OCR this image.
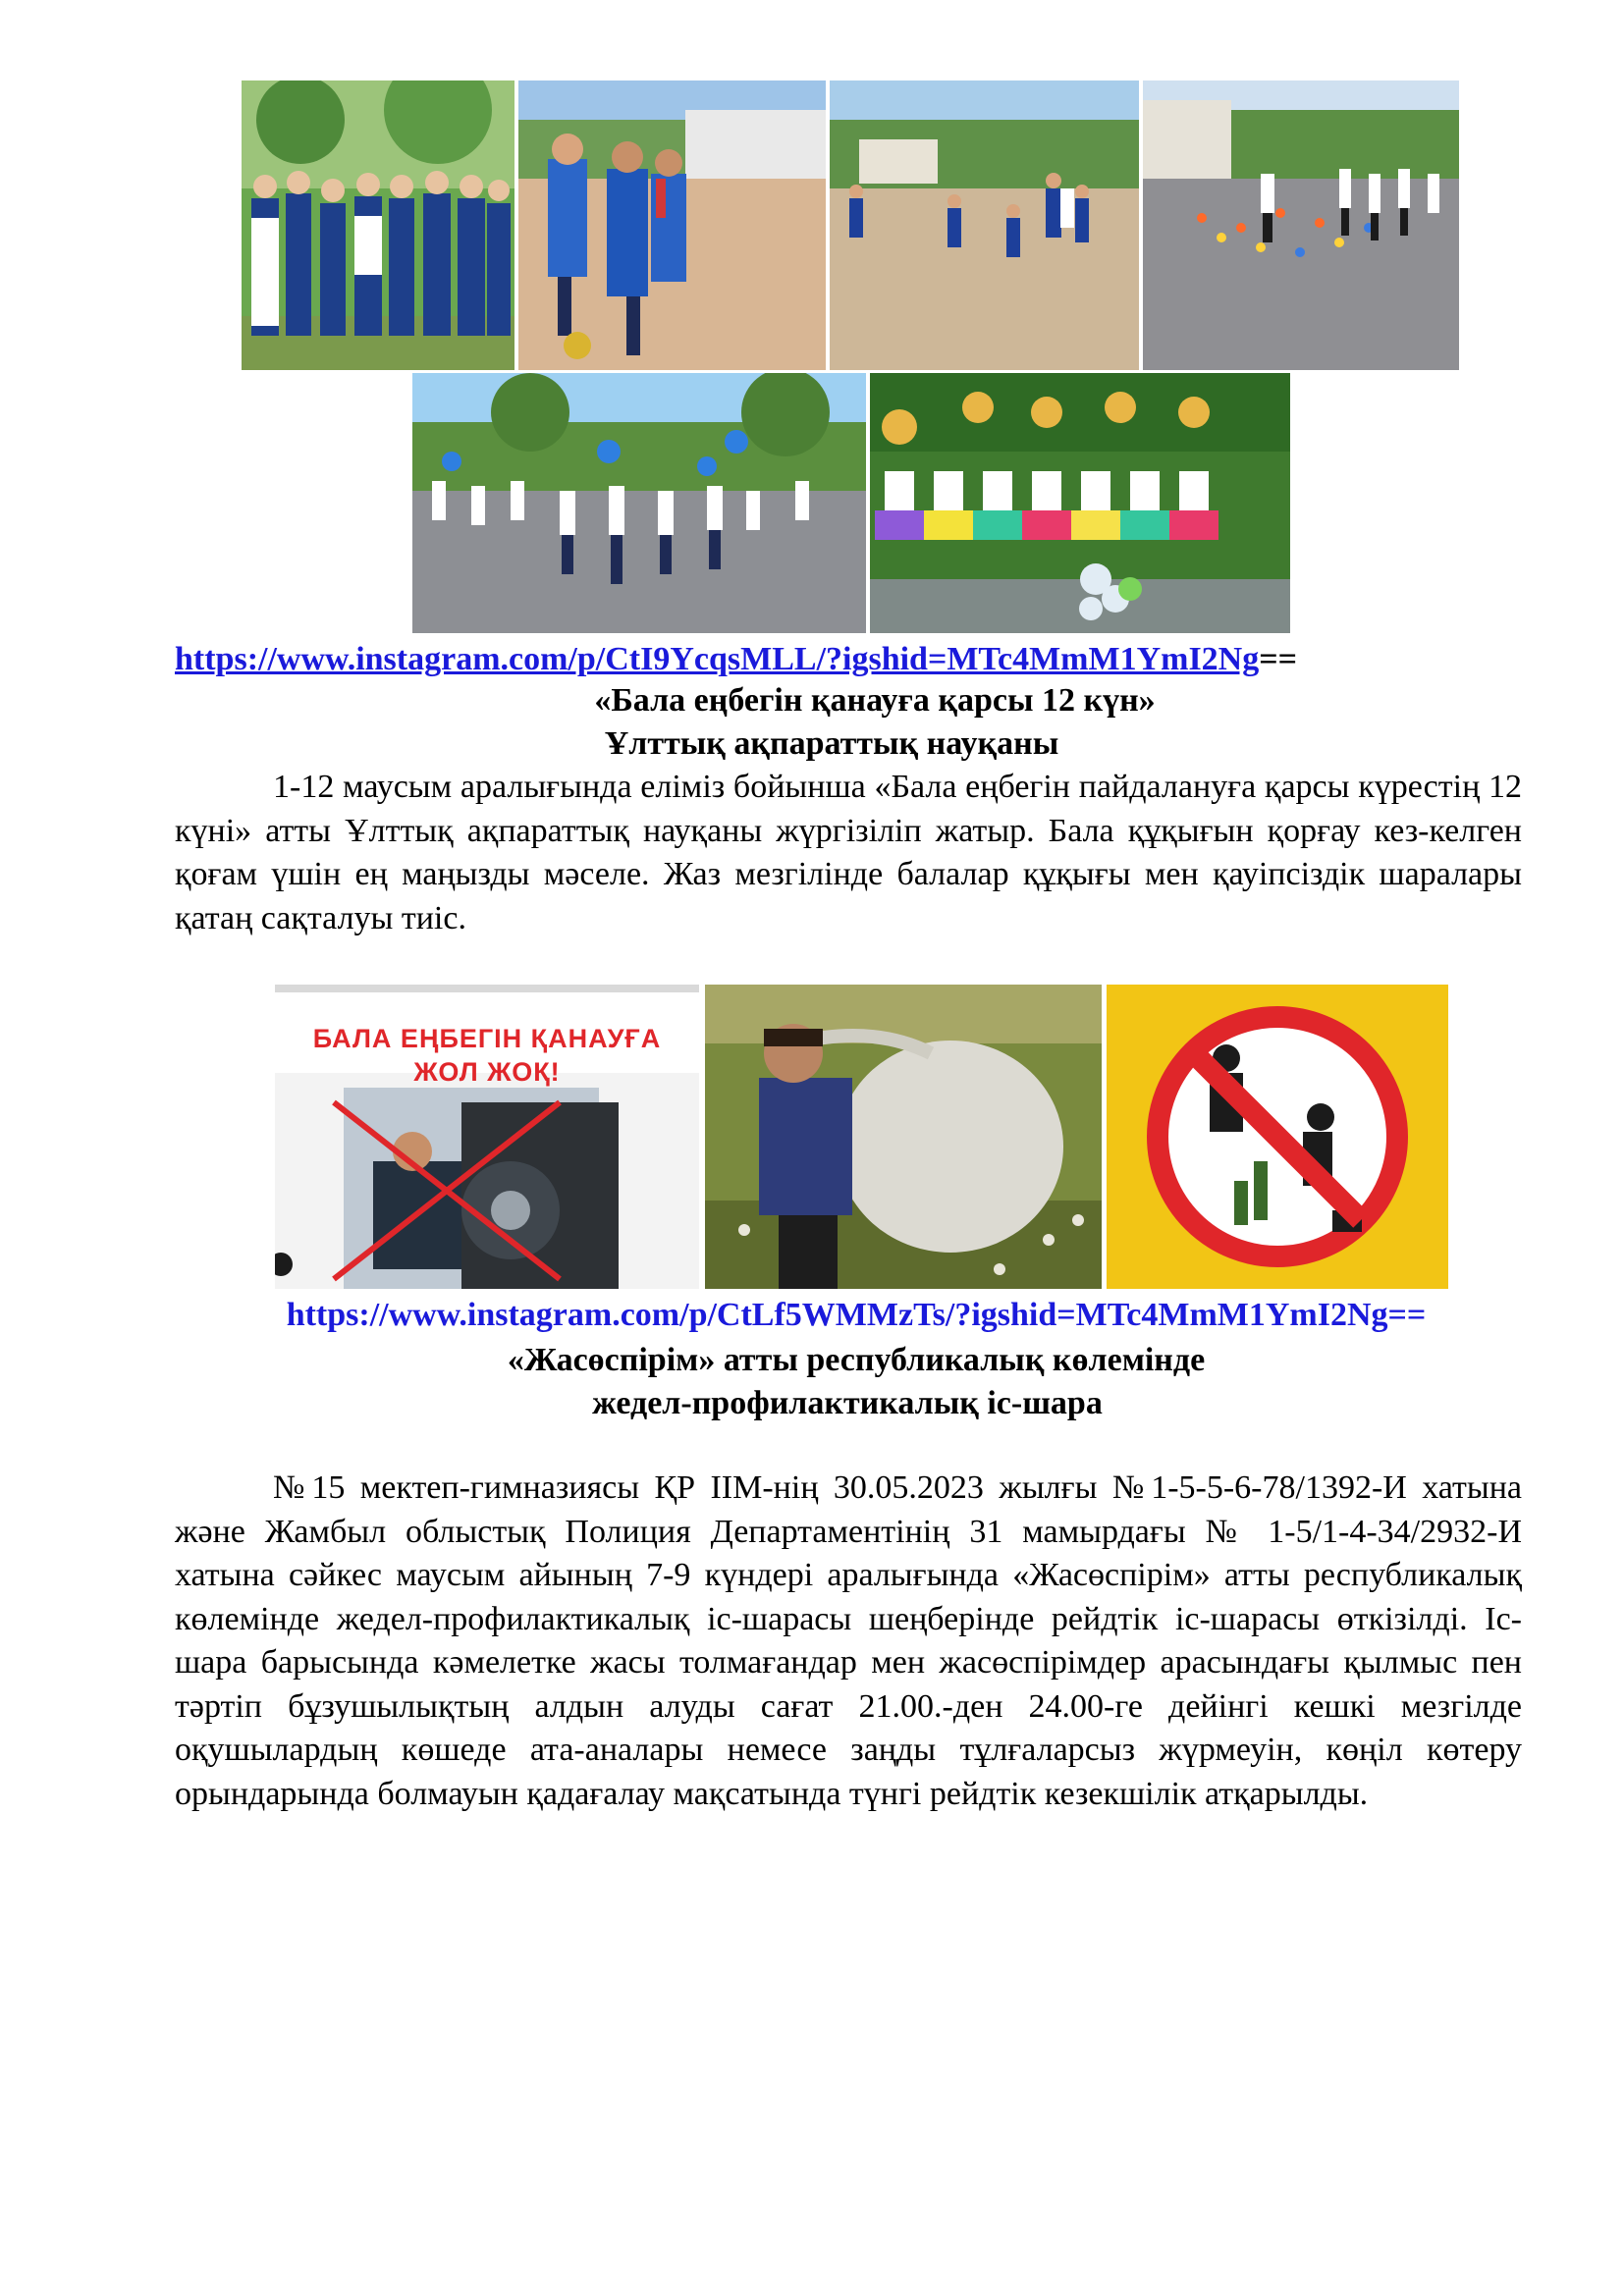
https://www.instagram.com/p/CtI9YcqsMLL/?igshid=MTc4MmM1YmI2Ng==
«Бала еңбегін қанауға қарсы 12 күн»
Ұлттық ақпараттық науқаны

1-12 маусым аралығында еліміз бойынша «Бала еңбегін пайдалануға қарсы күрестің 12 күні» атты Ұлттық ақпараттық науқаны жүргізіліп жатыр. Бала құқығын қорғау кез-келген қоғам үшін ең маңызды мәселе. Жаз мезгілінде балалар құқығы мен қауіпсіздік шаралары қатаң сақталуы тиіс.

БАЛА ЕҢБЕГІН ҚАНАУҒА
ЖОЛ ЖОҚ!
https://www.instagram.com/p/CtLf5WMMzTs/?igshid=MTc4MmM1YmI2Ng==
«Жасөспірім» атты республикалық көлемінде
жедел-профилактикалық іс-шара

№15 мектеп-гимназиясы ҚР ІІМ-нің 30.05.2023 жылғы №1-5-5-6-78/1392-И хатына және Жамбыл облыстық Полиция Департаментінің 31 мамырдағы № 1-5/1-4-34/2932-И хатына сәйкес маусым айының 7-9 күндері аралығында «Жасөспірім» атты республикалық көлемінде жедел-профилактикалық іс-шарасы шеңберінде рейдтік іс-шарасы өткізілді. Іс-шара барысында кәмелетке жасы толмағандар мен жасөспірімдер арасындағы қылмыс пен тәртіп бұзушылықтың алдын алуды сағат 21.00.-ден 24.00-ге дейінгі кешкі мезгілде оқушылардың көшеде ата-аналары немесе заңды тұлғаларсыз жүрмеуін, көңіл көтеру орындарында болмауын қадағалау мақсатында түнгі рейдтік кезекшілік атқарылды.
